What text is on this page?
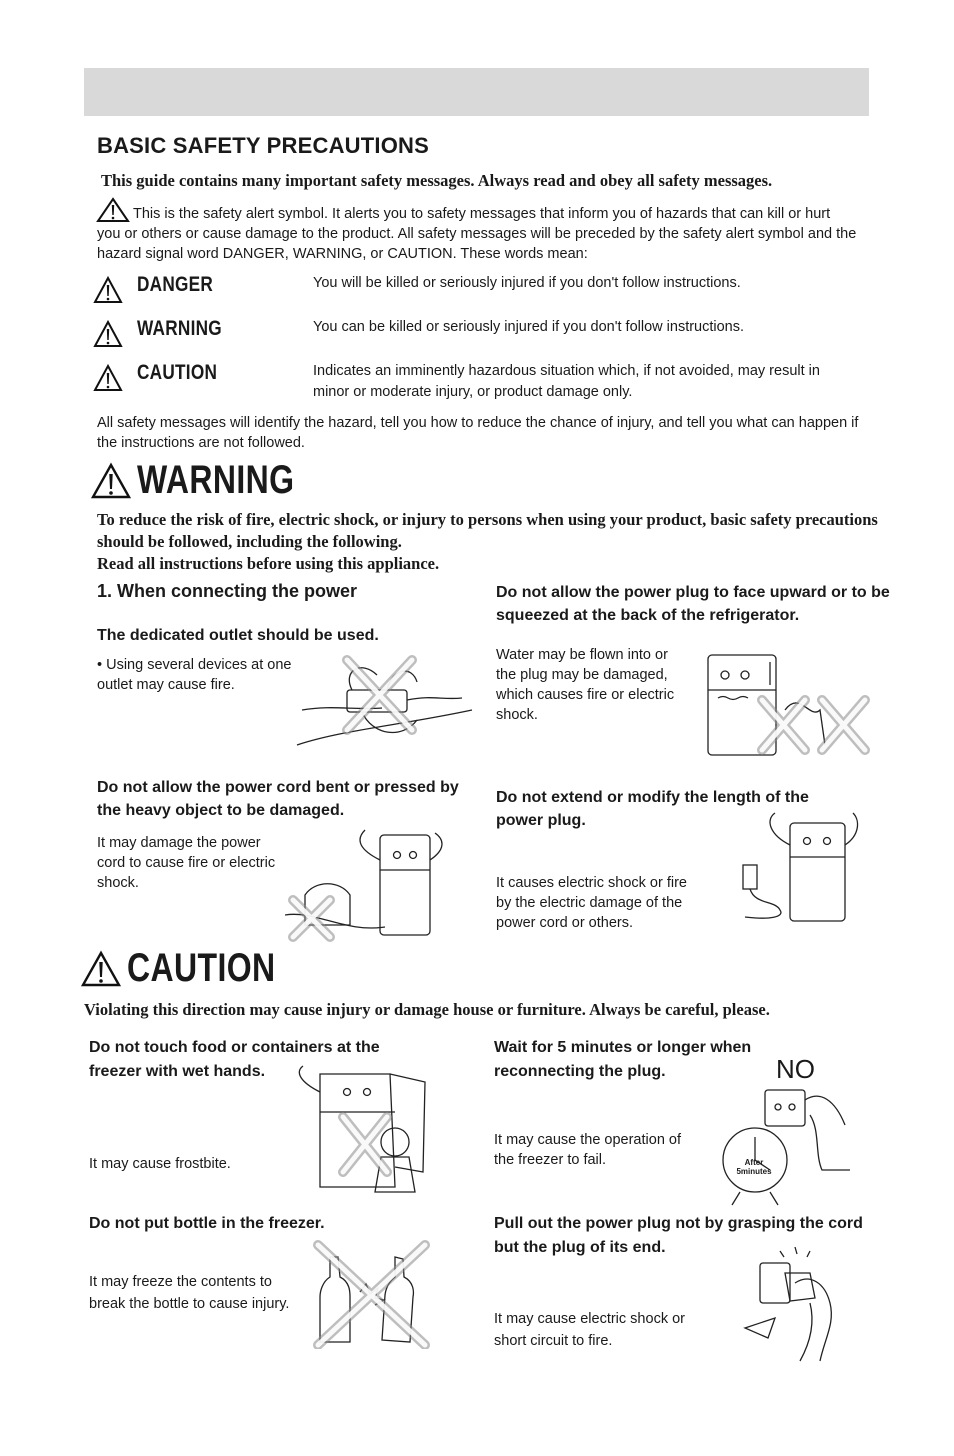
BASIC SAFETY PRECAUTIONS
This guide contains many important safety messages. Always read and obey all safety messages.
This is the safety alert symbol. It alerts you to safety messages that inform you of hazards that can kill or hurt you or others or cause damage to the product. All safety messages will be preceded by the safety alert symbol and the hazard signal word DANGER, WARNING, or CAUTION. These words mean:
DANGER	You will be killed or seriously injured if you don't follow instructions.
WARNING	You can be killed or seriously injured if you don't follow instructions.
CAUTION	Indicates an imminently hazardous situation which, if not avoided, may result in minor or moderate injury, or product damage only.
All safety messages will identify the hazard, tell you how to reduce the chance of injury, and tell you what can happen if the instructions are not followed.
WARNING
To reduce the risk of fire, electric shock, or injury to persons when using your product, basic safety precautions should be followed, including the following.
Read all instructions before using this appliance.
1. When connecting the power
The dedicated outlet should be used.
• Using several devices at one outlet may cause fire.
Do not allow the power plug to face upward or to be squeezed at the back of the refrigerator.
Water may be flown into or the plug may be damaged, which causes fire or electric shock.
Do not allow the power cord bent or pressed by the heavy object to be damaged.
It may damage the power cord to cause fire or electric shock.
Do not extend or modify the length of the power plug.
It causes electric shock or fire by the electric damage of the power cord or others.
CAUTION
Violating this direction may cause injury or damage house or furniture. Always be careful, please.
Do not touch food or containers at the freezer with wet hands.
It may cause frostbite.
Wait for 5 minutes or longer when reconnecting the plug.	NO
It may cause the operation of the freezer to fail.	After 5minutes
Do not put bottle in the freezer.
It may freeze the contents to break the bottle to cause injury.
Pull out the power plug not by grasping the cord but the plug of its end.
It may cause electric shock or short circuit to fire.
